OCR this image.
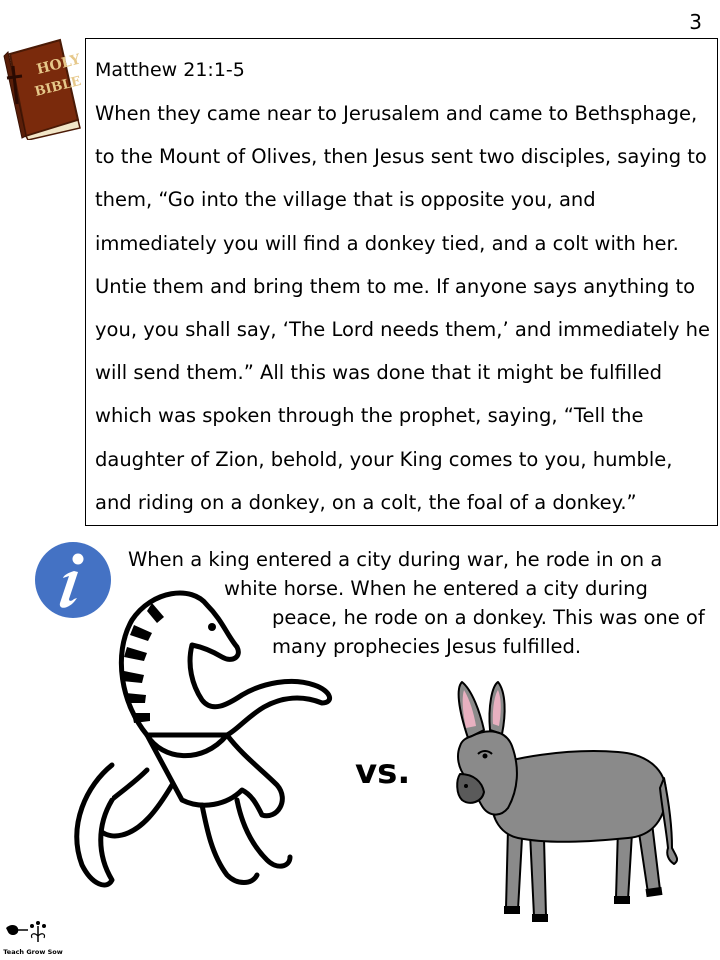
3
HOLY
BIBLE
Matthew 21:1-5
When they came near to Jerusalem and came to Bethsphage,
to the Mount of Olives, then Jesus sent two disciples, saying to
them, “Go into the village that is opposite you, and
immediately you will find a donkey tied, and a colt with her.
Untie them and bring them to me. If anyone says anything to
you, you shall say, ‘The Lord needs them,’ and immediately he
will send them.” All this was done that it might be fulfilled
which was spoken through the prophet, saying, “Tell the
daughter of Zion, behold, your King comes to you, humble,
and riding on a donkey, on a colt, the foal of a donkey.”
When a king entered a city during war, he rode in on a
white horse. When he entered a city during
peace, he rode on a donkey. This was one of
many prophecies Jesus fulfilled.
vs.
Teach Grow Sow
